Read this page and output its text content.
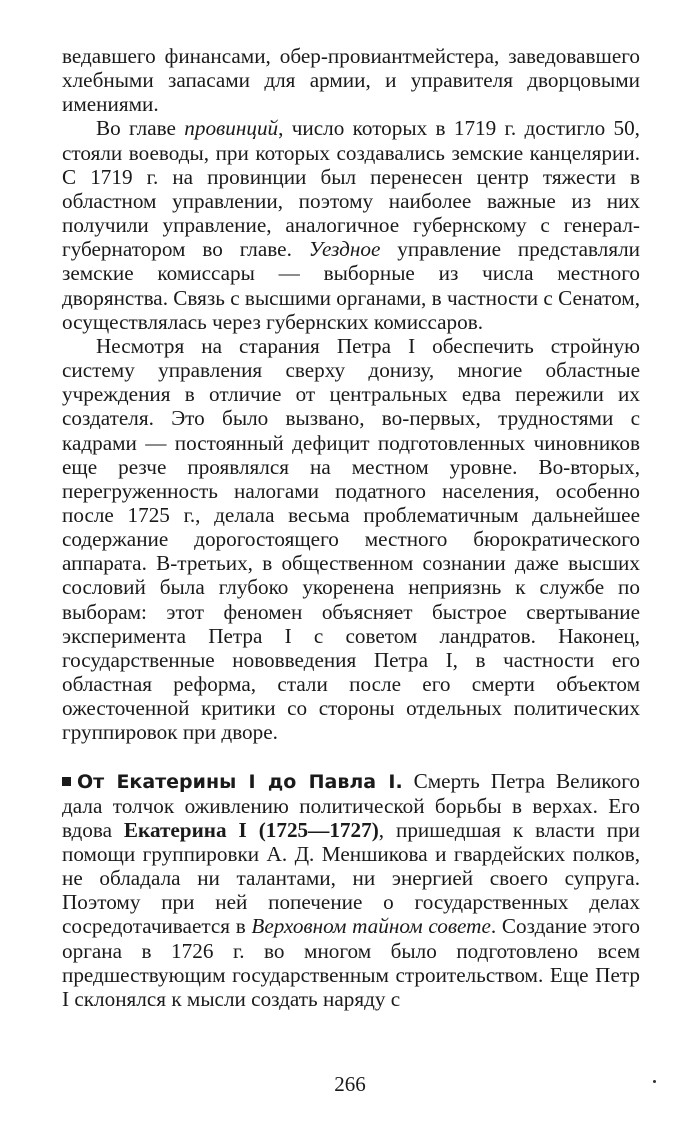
ведавшего финансами, обер-провиантмейстера, заведовавшего хлебными запасами для армии, и управителя дворцовыми имениями.

Во главе провинций, число которых в 1719 г. достигло 50, стояли воеводы, при которых создавались земские канцелярии. С 1719 г. на провинции был перенесен центр тяжести в областном управлении, поэтому наиболее важные из них получили управление, аналогичное губернскому с генерал-губернатором во главе. Уездное управление представляли земские комиссары — выборные из числа местного дворянства. Связь с высшими органами, в частности с Сенатом, осуществлялась через губернских комиссаров.

Несмотря на старания Петра I обеспечить стройную систему управления сверху донизу, многие областные учреждения в отличие от центральных едва пережили их создателя. Это было вызвано, во-первых, трудностями с кадрами — постоянный дефицит подготовленных чиновников еще резче проявлялся на местном уровне. Во-вторых, перегруженность налогами податного населения, особенно после 1725 г., делала весьма проблематичным дальнейшее содержание дорогостоящего местного бюрократического аппарата. В-третьих, в общественном сознании даже высших сословий была глубоко укоренена неприязнь к службе по выборам: этот феномен объясняет быстрое свертывание эксперимента Петра I с советом ландратов. Наконец, государственные нововведения Петра I, в частности его областная реформа, стали после его смерти объектом ожесточенной критики со стороны отдельных политических группировок при дворе.

От Екатерины I до Павла I. Смерть Петра Великого дала толчок оживлению политической борьбы в верхах. Его вдова Екатерина I (1725—1727), пришедшая к власти при помощи группировки А. Д. Меншикова и гвардейских полков, не обладала ни талантами, ни энергией своего супруга. Поэтому при ней попечение о государственных делах сосредотачивается в Верховном тайном совете. Создание этого органа в 1726 г. во многом было подготовлено всем предшествующим государственным строительством. Еще Петр I склонялся к мысли создать наряду с

266
